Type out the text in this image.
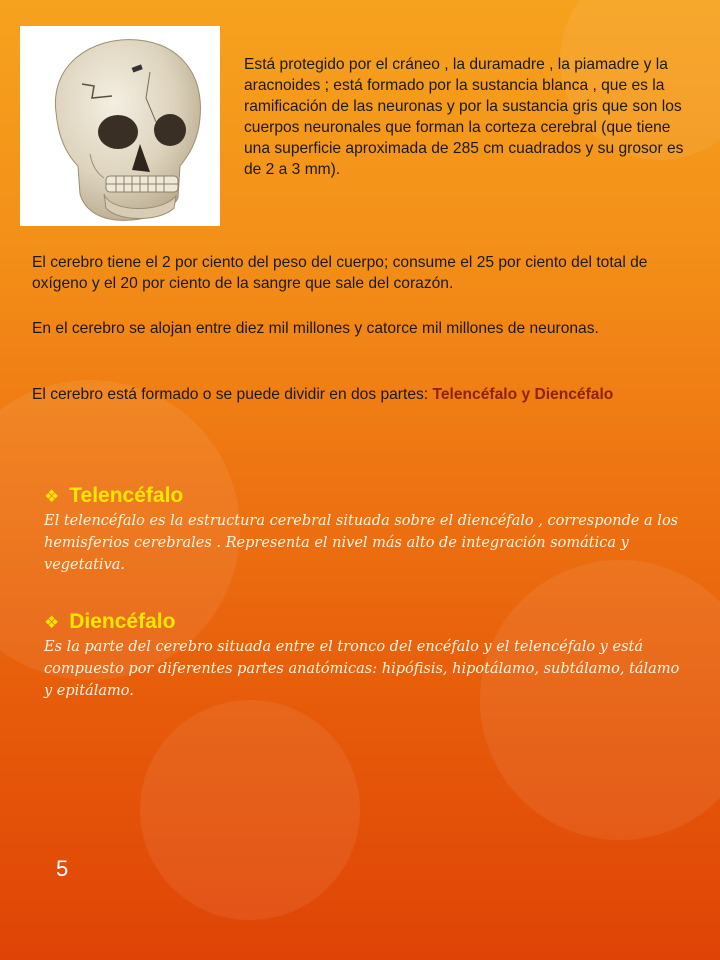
Está protegido por el cráneo , la duramadre , la piamadre y la aracnoides ; está formado por la sustancia blanca , que es la ramificación de las neuronas y por la sustancia gris que son los cuerpos neuronales que forman la corteza cerebral (que tiene una superficie aproximada de 285 cm cuadrados y su grosor es de 2 a 3 mm).

El cerebro tiene el 2 por ciento del peso del cuerpo; consume el 25 por ciento del total de oxígeno y el 20 por ciento de la sangre que sale del corazón.

En el cerebro se alojan entre diez mil millones y catorce mil millones de neuronas.

El cerebro está formado o se puede dividir en dos partes: Telencéfalo y Diencéfalo

❖ Telencéfalo
El telencéfalo es la estructura cerebral situada sobre el diencéfalo , corresponde a los hemisferios cerebrales . Representa el nivel más alto de integración somática y vegetativa.
❖ Diencéfalo
Es la parte del cerebro situada entre el tronco del encéfalo y el telencéfalo y está compuesto por diferentes partes anatómicas: hipófisis, hipotálamo, subtálamo, tálamo y epitálamo.
5
